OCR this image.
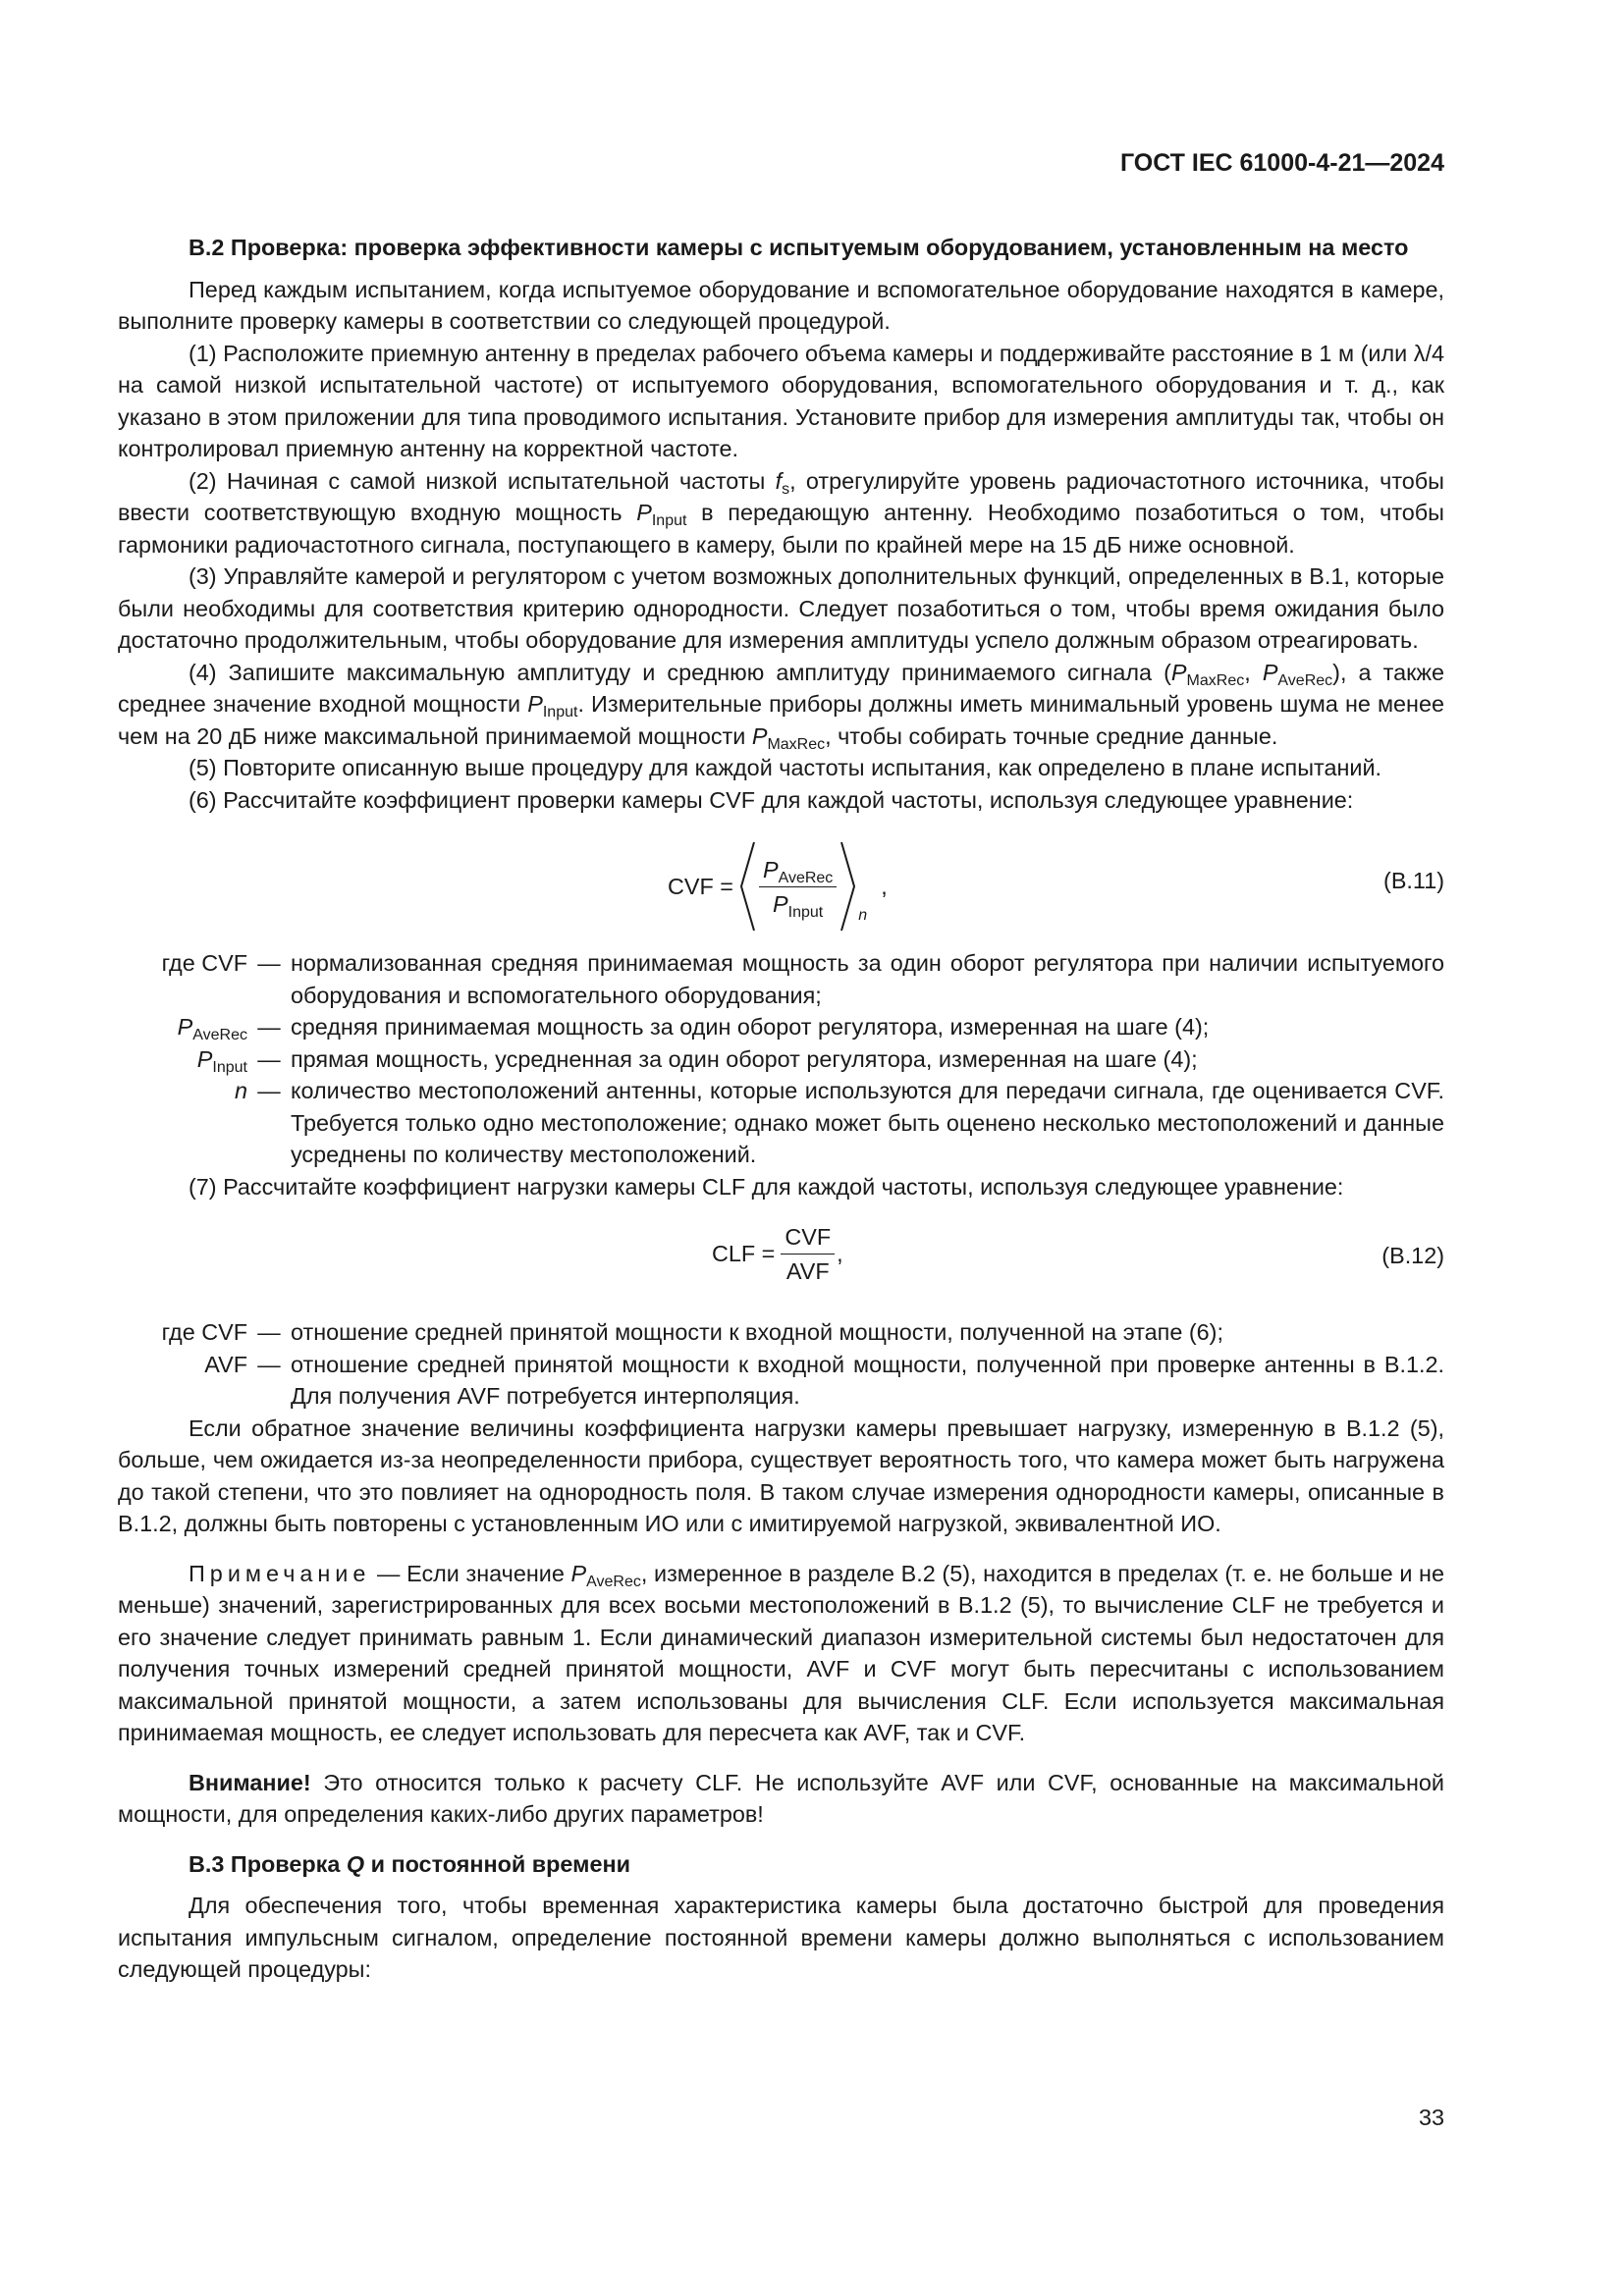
ГОСТ IEC 61000-4-21—2024

В.2 Проверка: проверка эффективности камеры с испытуемым оборудованием, установленным на место

Перед каждым испытанием, когда испытуемое оборудование и вспомогательное оборудование находятся в камере, выполните проверку камеры в соответствии со следующей процедурой.

(1) Расположите приемную антенну в пределах рабочего объема камеры и поддерживайте расстояние в 1 м (или λ/4 на самой низкой испытательной частоте) от испытуемого оборудования, вспомогательного оборудования и т. д., как указано в этом приложении для типа проводимого испытания. Установите прибор для измерения амплитуды так, чтобы он контролировал приемную антенну на корректной частоте.

(2) Начиная с самой низкой испытательной частоты $f_s$, отрегулируйте уровень радиочастотного источника, чтобы ввести соответствующую входную мощность $P_{Input}$ в передающую антенну. Необходимо позаботиться о том, чтобы гармоники радиочастотного сигнала, поступающего в камеру, были по крайней мере на 15 дБ ниже основной.

(3) Управляйте камерой и регулятором с учетом возможных дополнительных функций, определенных в В.1, которые были необходимы для соответствия критерию однородности. Следует позаботиться о том, чтобы время ожидания было достаточно продолжительным, чтобы оборудование для измерения амплитуды успело должным образом отреагировать.

(4) Запишите максимальную амплитуду и среднюю амплитуду принимаемого сигнала ($P_{MaxRec}$, $P_{AveRec}$), а также среднее значение входной мощности $P_{Input}$. Измерительные приборы должны иметь минимальный уровень шума не менее чем на 20 дБ ниже максимальной принимаемой мощности $P_{MaxRec}$, чтобы собирать точные средние данные.

(5) Повторите описанную выше процедуру для каждой частоты испытания, как определено в плане испытаний.

(6) Рассчитайте коэффициент проверки камеры CVF для каждой частоты, используя следующее уравнение:

CVF = $\frac{P_{AveRec}}{P_{Input}}$ n
,	(В.11)
где CVF — нормализованная средняя принимаемая мощность за один оборот регулятора при наличии испытуемого оборудования и вспомогательного оборудования;
$P_{AveRec}$ — средняя принимаемая мощность за один оборот регулятора, измеренная на шаге (4);
$P_{Input}$ — прямая мощность, усредненная за один оборот регулятора, измеренная на шаге (4);
n — количество местоположений антенны, которые используются для передачи сигнала, где оценивается CVF. Требуется только одно местоположение; однако может быть оценено несколько местоположений и данные усреднены по количеству местоположений.

(7) Рассчитайте коэффициент нагрузки камеры CLF для каждой частоты, используя следующее уравнение:

CLF = $\frac{\text{CVF}}{\text{AVF}}$ ,	(В.12)
где CVF — отношение средней принятой мощности к входной мощности, полученной на этапе (6);
AVF — отношение средней принятой мощности к входной мощности, полученной при проверке антенны в В.1.2. Для получения AVF потребуется интерполяция.

Если обратное значение величины коэффициента нагрузки камеры превышает нагрузку, измеренную в В.1.2 (5), больше, чем ожидается из-за неопределенности прибора, существует вероятность того, что камера может быть нагружена до такой степени, что это повлияет на однородность поля. В таком случае измерения однородности камеры, описанные в В.1.2, должны быть повторены с установленным ИО или с имитируемой нагрузкой, эквивалентной ИО.

Примечание — Если значение $P_{AveRec}$, измеренное в разделе В.2 (5), находится в пределах (т. е. не больше и не меньше) значений, зарегистрированных для всех восьми местоположений в В.1.2 (5), то вычисление CLF не требуется и его значение следует принимать равным 1. Если динамический диапазон измерительной системы был недостаточен для получения точных измерений средней принятой мощности, AVF и CVF могут быть пересчитаны с использованием максимальной принятой мощности, а затем использованы для вычисления CLF. Если используется максимальная принимаемая мощность, ее следует использовать для пересчета как AVF, так и CVF.

Внимание! Это относится только к расчету CLF. Не используйте AVF или CVF, основанные на максимальной мощности, для определения каких-либо других параметров!

В.3 Проверка Q и постоянной времени

Для обеспечения того, чтобы временная характеристика камеры была достаточно быстрой для проведения испытания импульсным сигналом, определение постоянной времени камеры должно выполняться с использованием следующей процедуры:

33
